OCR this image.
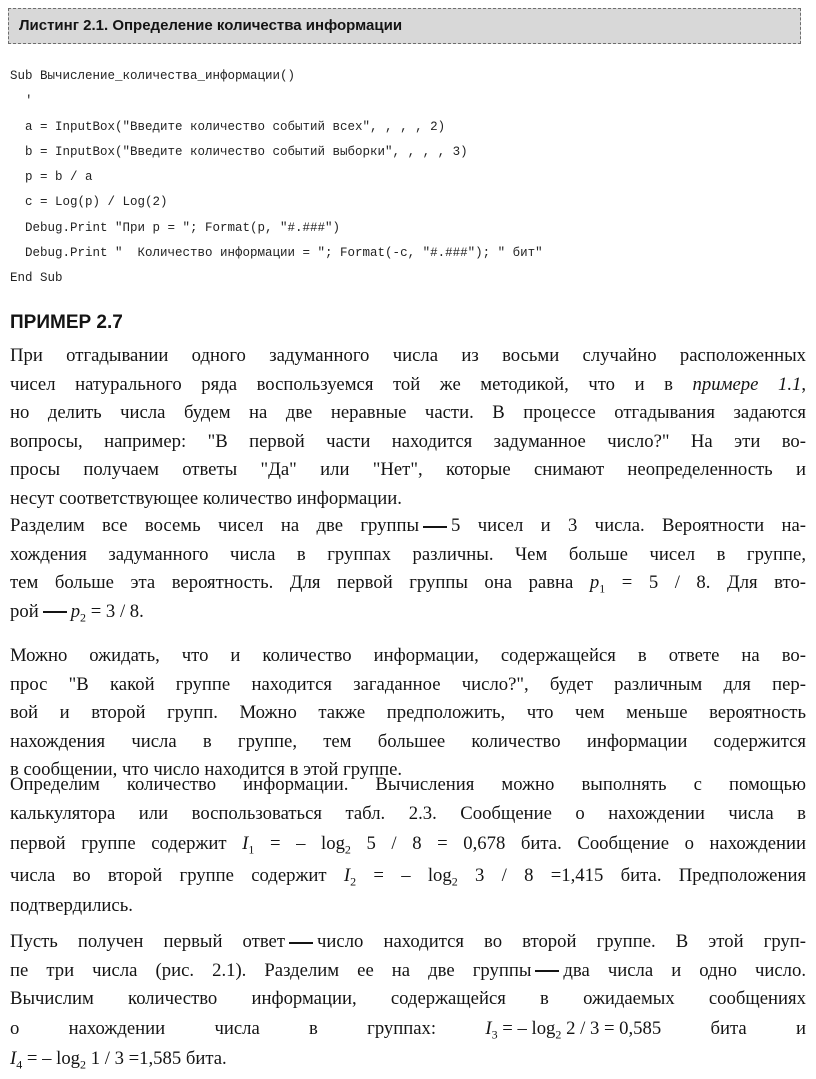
Листинг 2.1. Определение количества информации
Sub Вычисление_количества_информации()
'
a = InputBox("Введите количество событий всех", , , , 2)
b = InputBox("Введите количество событий выборки", , , , 3)
p = b / a
c = Log(p) / Log(2)
Debug.Print "При p = "; Format(p, "#.###")
Debug.Print "  Количество информации = "; Format(-c, "#.###"); " бит"
End Sub
ПРИМЕР 2.7
При отгадывании одного задуманного числа из восьми случайно расположенных
чисел натурального ряда воспользуемся той же методикой, что и в примере 1.1,
но делить числа будем на две неравные части. В процессе отгадывания задаются
вопросы, например: "В первой части находится задуманное число?" На эти во-
просы получаем ответы "Да" или "Нет", которые снимают неопределенность и
несут соответствующее количество информации.
Разделим все восемь чисел на две группы 5 чисел и 3 числа. Вероятности на-
хождения задуманного числа в группах различны. Чем больше чисел в группе,
тем больше эта вероятность. Для первой группы она равна $p_1 = 5 / 8$. Для вто-
рой $p_2 = 3 / 8$.
Можно ожидать, что и количество информации, содержащейся в ответе на во-
прос "В какой группе находится загаданное число?", будет различным для пер-
вой и второй групп. Можно также предположить, что чем меньше вероятность
нахождения числа в группе, тем большее количество информации содержится
в сообщении, что число находится в этой группе.
Определим количество информации. Вычисления можно выполнять с помощью
калькулятора или воспользоваться табл. 2.3. Сообщение о нахождении числа в
первой группе содержит $I_1$ = – $\log_2 5 / 8 = 0,678$ бита. Сообщение о нахождении
числа во второй группе содержит $I_2$ = – $\log_2 3 / 8 =1,415$ бита. Предположения
подтвердились.
Пусть получен первый ответ число находится во второй группе. В этой груп-
пе три числа (рис. 2.1). Разделим ее на две группы два числа и одно число.
Вычислим количество информации, содержащейся в ожидаемых сообщениях
о	нахождении	числа	в	группах:	$I_3$ = – $\log_2 2 / 3 = 0,585$	бита	и
$I_4$ = – $\log_2 1 / 3 =1,585$ бита.
